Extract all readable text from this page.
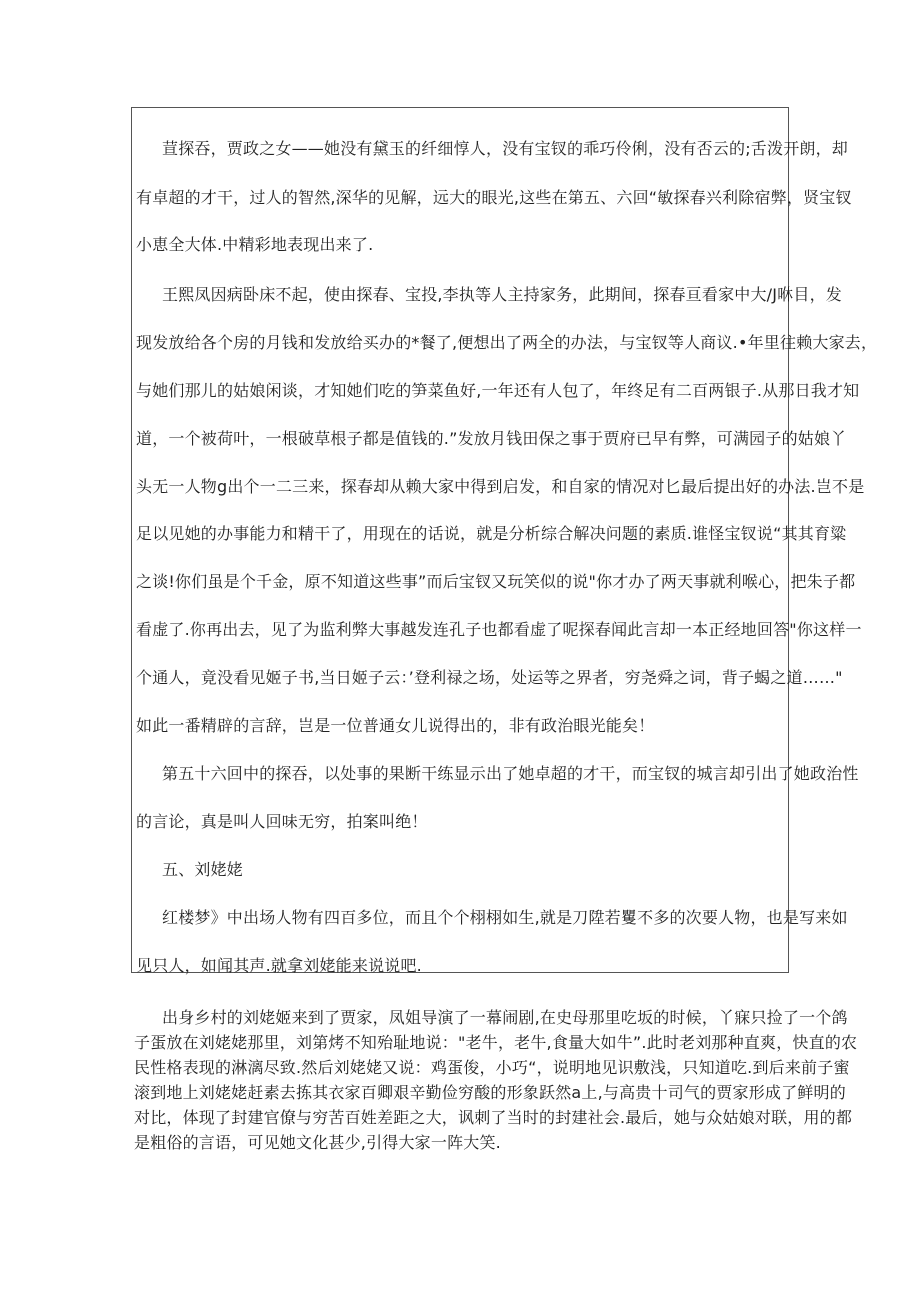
荁探吞，贾政之女——她没有黛玉的纤细惇人，没有宝钗的乖巧伶俐，没有否云的;舌泼开朗，却
有卓超的才干，过人的智然,深华的见解，远大的眼光,这些在第五、六回“敏探春兴利除宿弊，贤宝钗
小恵全大体.中精彩地表现出来了.
王熙凤因病卧床不起，使由探春、宝投,李执等人主持家务，此期间，探春亘看家中大/J咻目，发
现发放给各个房的月钱和发放给买办的*餐了,便想出了两全的办法，与宝钗等人商议.•年里往赖大家去，
与她们那儿的姑娘闲谈，才知她们吃的笋菜鱼好,一年还有人包了，年终足有二百两银子.从那日我才知
道，一个被荷叶，一根破草根子都是值钱的.”发放月钱田保之事于贾府已早有弊，可满园子的姑娘丫
头无一人物g出个一二三来，探春却从赖大家中得到启发，和自家的情况对匕最后提出好的办法.岂不是
足以见她的办事能力和精干了，用现在的话说，就是分析综合解决问题的素质.谁怪宝钗说“其其育粱
之谈!你们虽是个千金，原不知道这些事”而后宝钗又玩笑似的说"你才办了两天事就利喉心，把朱子都
看虚了.你再出去，见了为监利弊大事越发连孔子也都看虚了呢探春闻此言却一本正经地回答"你这样一
个通人，竟没看见姬子书,当日姬子云：’登利禄之场，处运等之界者，穷尧舜之词，背子蝎之道……"
如此一番精辟的言辞，岂是一位普通女儿说得出的，非有政治眼光能矣！
第五十六回中的探吞，以处事的果断干练显示出了她卓超的才干，而宝钗的城言却引出了她政治性
的言论，真是叫人回味无穷，拍案叫绝！
五、刘姥姥
红楼梦》中出场人物有四百多位，而且个个栩栩如生,就是刀陞若矍不多的次要人物，也是写来如
见只人，如闻其声.就拿刘姥能来说说吧.
出身乡村的刘姥姬来到了贾家，凤姐导演了一幕闹剧,在史母那里吃坂的时候，丫寐只捡了一个鸽
子蛋放在刘姥姥那里，刘第烤不知殆耻地说："老牛，老牛,食量大如牛”.此时老刘那种直爽，快直的农
民性格表现的淋漓尽致.然后刘姥姥又说：鸡蛋俊，小巧“，说明地见识敷浅，只知道吃.到后来前子蜜
滚到地上刘姥姥赶素去拣其衣家百卿艰辛勤俭穷酸的形象跃然a上,与高贵十司气的贾家形成了鲜明的
对比，体现了封建官僚与穷苦百姓差距之大，讽刺了当时的封建社会.最后，她与众姑娘对联，用的都
是粗俗的言语，可见她文化甚少,引得大家一阵大笑.
